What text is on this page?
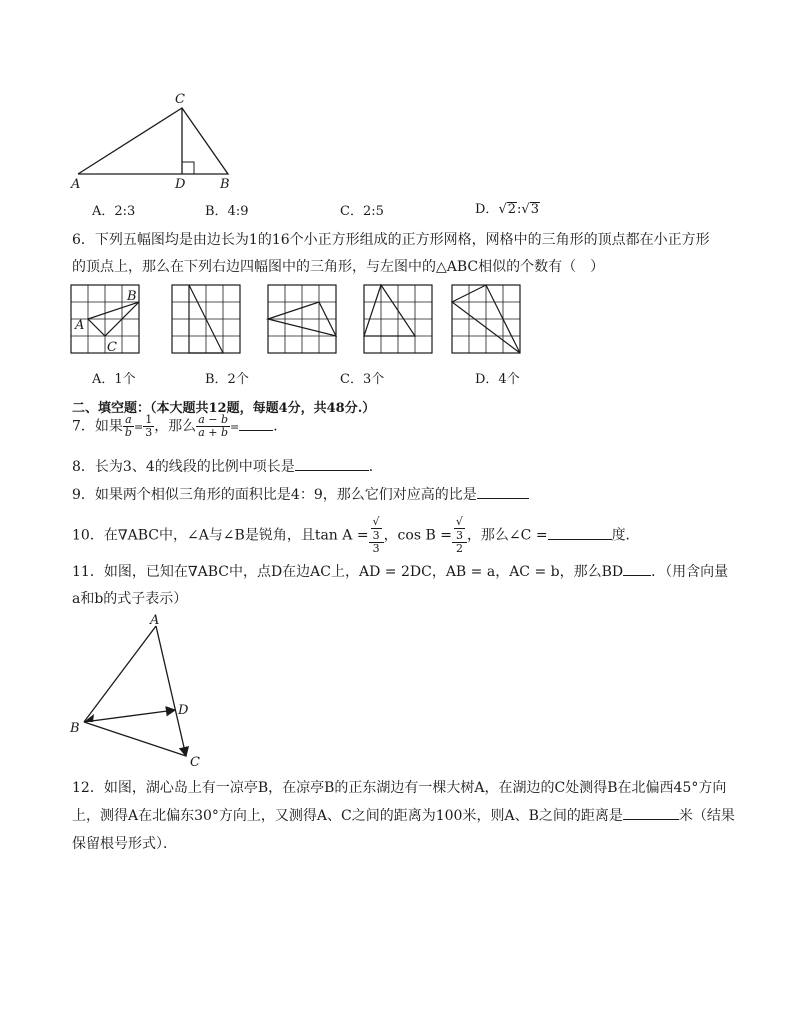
C
A	D	B
A．2:3	B．4:9	C．2:5	D．√2:√3
6．下列五幅图均是由边长为1的16个小正方形组成的正方形网格，网格中的三角形的顶点都在小正方形
的顶点上，那么在下列右边四幅图中的三角形，与左图中的△ABC相似的个数有（　）
B
A
C
A．1个	B．2个	C．3个	D．4个
二、填空题：（本大题共12题，每题4分，共48分.）
7．如果 $\frac{a}{b} = \frac{1}{3}$ ，那么 $\frac{a - b}{a + b}$ = ．
8．长为3、4的线段的比例中项长是	．
9．如果两个相似三角形的面积比是4：9，那么它们对应高的比是
10．在∇ABC中，∠A与∠B是锐角，且tan A = √
3
3 ，cos B = √
3
2 ，那么∠C =	度．
11．如图，已知在∇ABC中，点D在边AC上，AD = 2DC，AB = a，AC = b，那么BD ．（用含向量
a和b的式子表示）
A
B
D
C
12．如图，湖心岛上有一凉亭B，在凉亭B的正东湖边有一棵大树A，在湖边的C处测得B在北偏西45°方向
上，测得A在北偏东30°方向上，又测得A、C之间的距离为100米，则A、B之间的距离是	米（结果
保留根号形式）．
